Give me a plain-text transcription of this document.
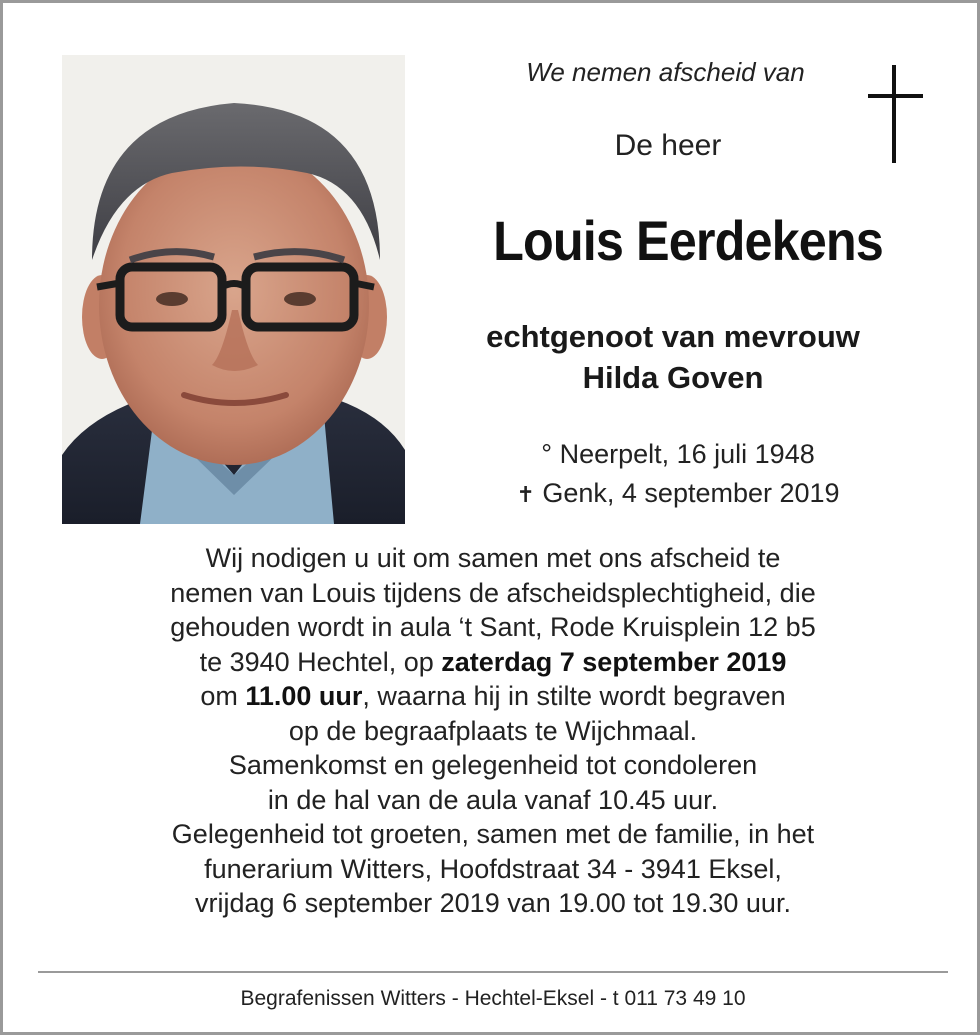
We nemen afscheid van
De heer
Louis Eerdekens
echtgenoot van mevrouw
Hilda Goven
° Neerpelt, 16 juli 1948
✝ Genk, 4 september 2019
Wij nodigen u uit om samen met ons afscheid te
nemen van Louis tijdens de afscheidsplechtigheid, die
gehouden wordt in aula ‘t Sant, Rode Kruisplein 12 b5
te 3940 Hechtel, op zaterdag 7 september 2019
om 11.00 uur, waarna hij in stilte wordt begraven
op de begraafplaats te Wijchmaal.
Samenkomst en gelegenheid tot condoleren
in de hal van de aula vanaf 10.45 uur.
Gelegenheid tot groeten, samen met de familie, in het
funerarium Witters, Hoofdstraat 34 - 3941 Eksel,
vrijdag 6 september 2019 van 19.00 tot 19.30 uur.
Begrafenissen Witters - Hechtel-Eksel - t 011 73 49 10
